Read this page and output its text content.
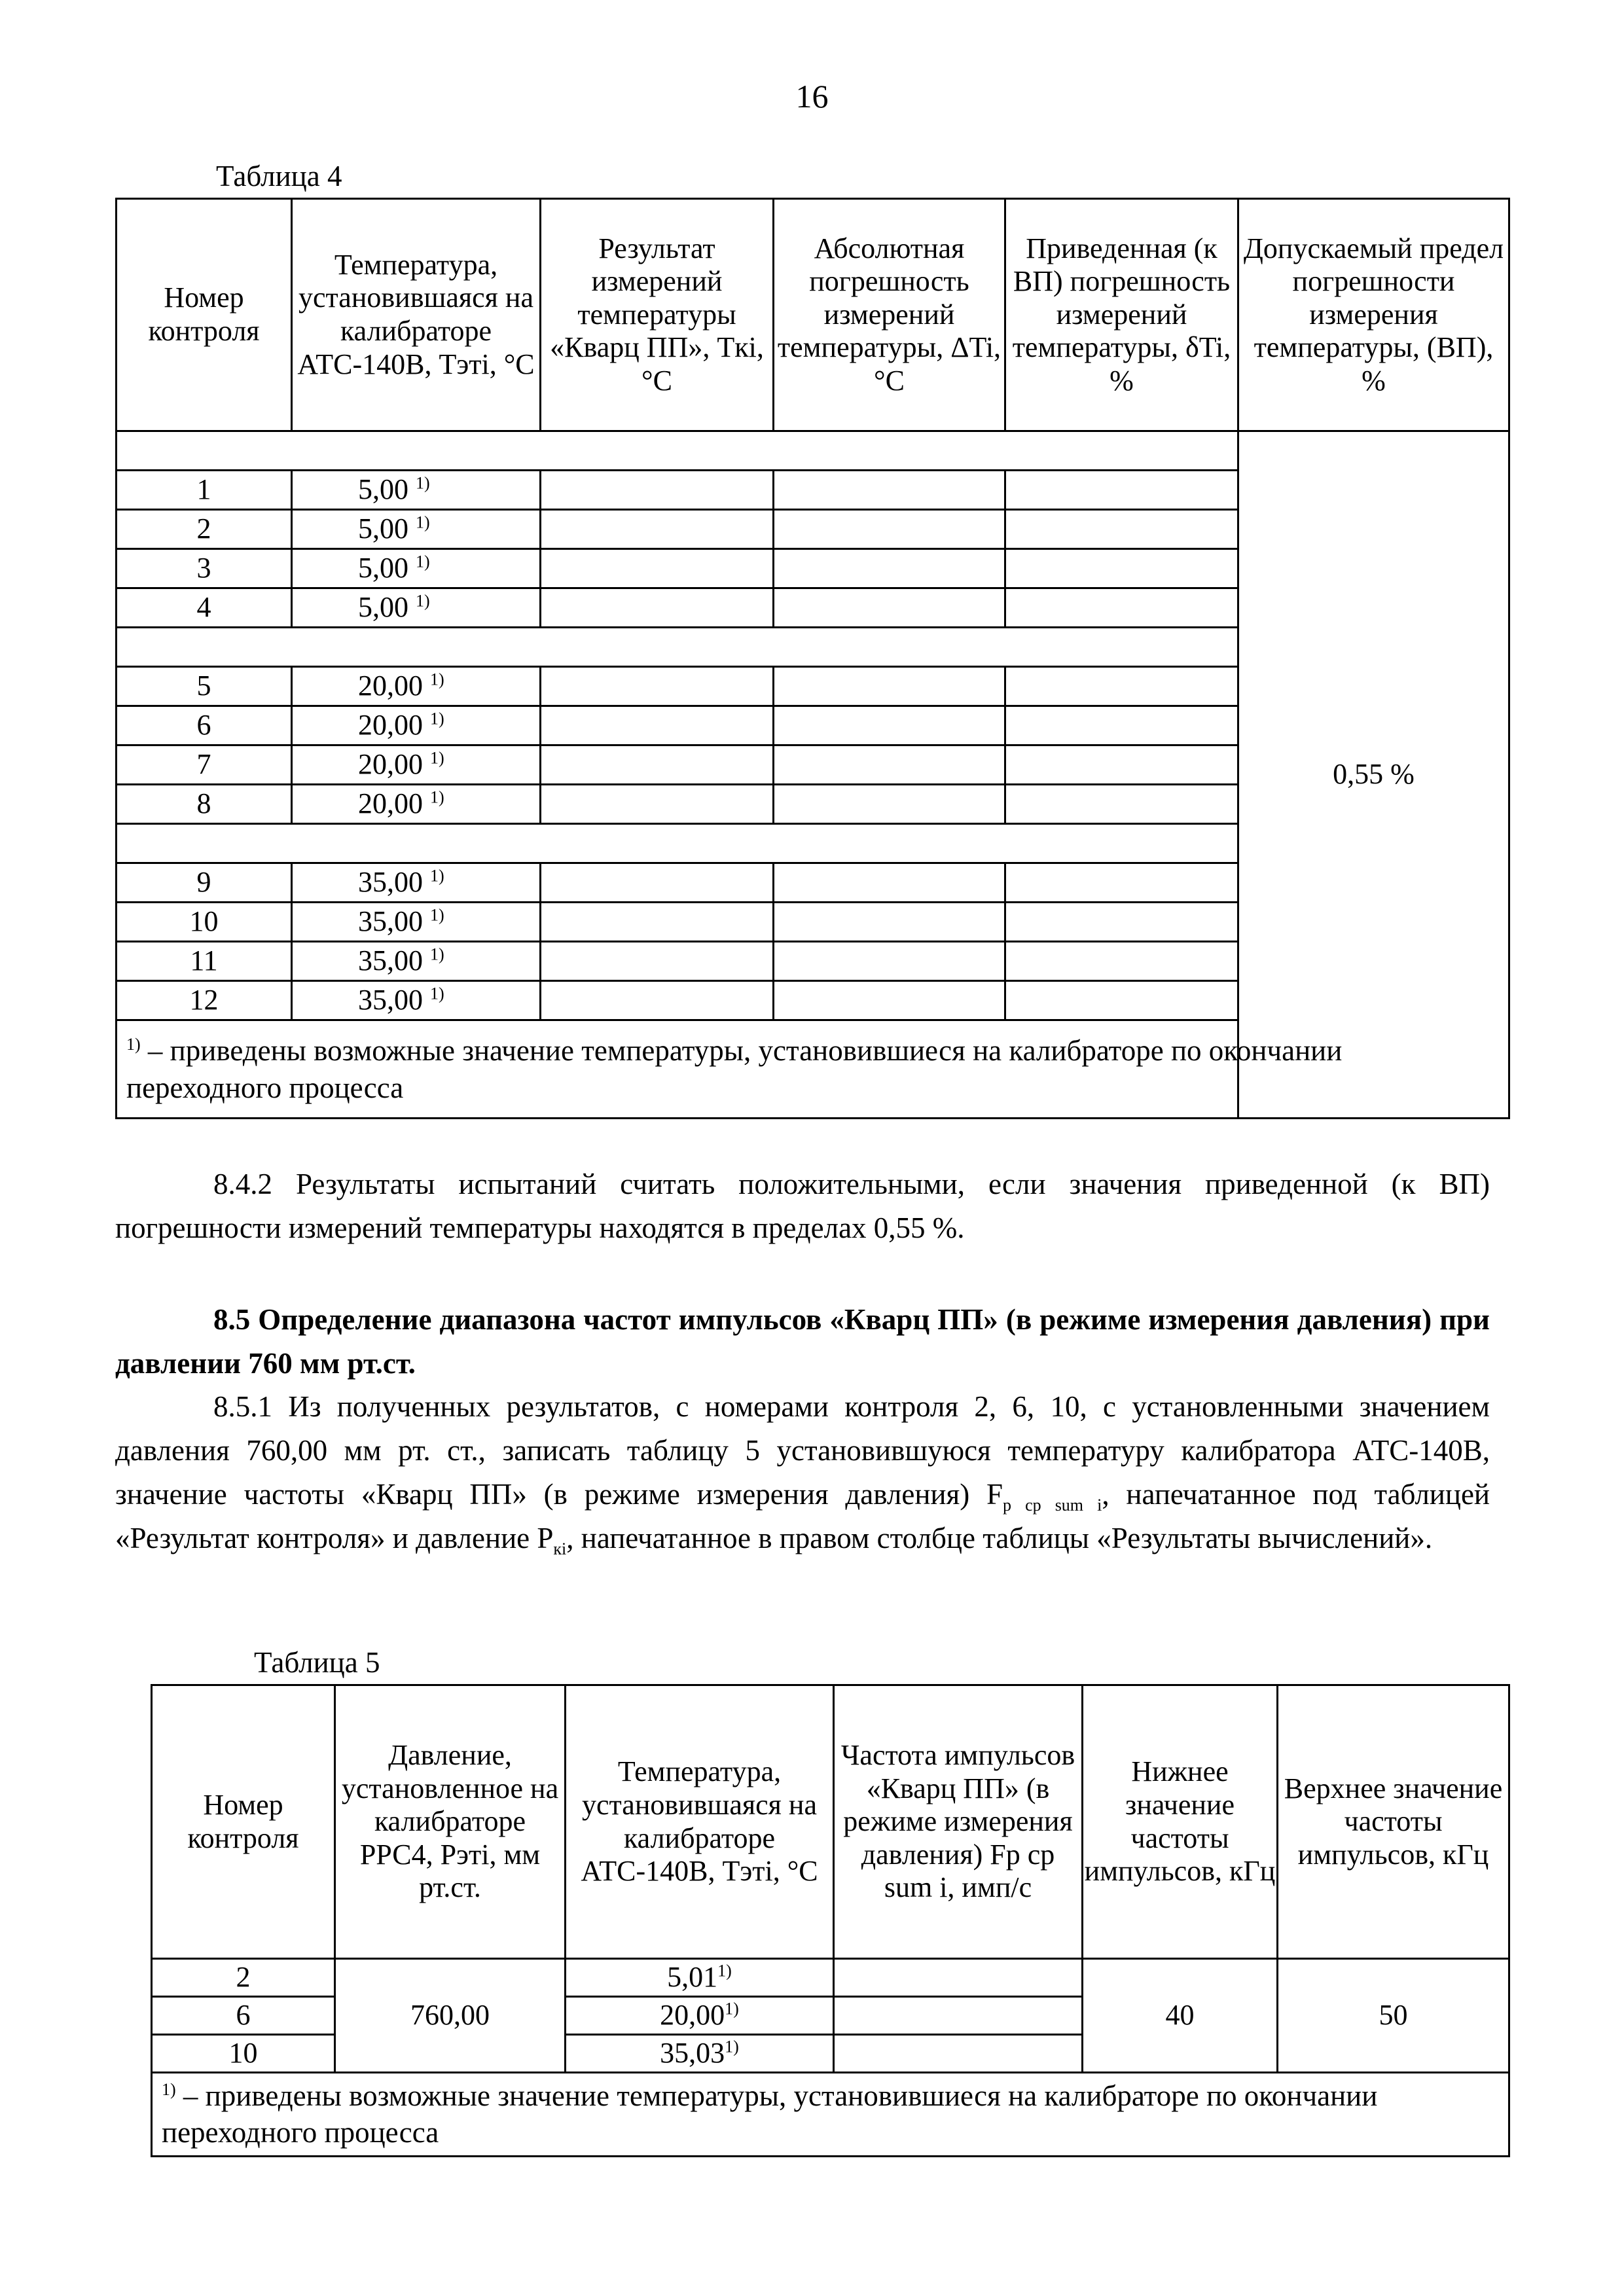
16
Таблица 4
Номер контроля	Температура, установившаяся на калибраторе АТС-140В, Tэтi, °С	Результат измерений температуры «Кварц ПП», Tкi, °С	Абсолютная погрешность измерений температуры, ΔTi, °С	Приведенная (к ВП) погрешность измерений температуры, δTi, %	Допускаемый предел погрешности измерения температуры, (ВП), %
					0,55 %
1	5,00 $^{1)}$			
2	5,00 $^{1)}$			
3	5,00 $^{1)}$			
4	5,00 $^{1)}$			

5	20,00 $^{1)}$			
6	20,00 $^{1)}$			
7	20,00 $^{1)}$			
8	20,00 $^{1)}$			

9	35,00 $^{1)}$			
10	35,00 $^{1)}$			
11	35,00 $^{1)}$			
12	35,00 $^{1)}$			
$^{1)}$ – приведены возможные значение температуры, установившиеся на калибраторе по окончании переходного процесса					
8.4.2 Результаты испытаний считать положительными, если значения приведенной (к ВП) погрешности измерений температуры находятся в пределах 0,55 %.
8.5 Определение диапазона частот импульсов «Кварц ПП» (в режиме измерения давления) при давлении 760 мм рт.ст.
8.5.1 Из полученных результатов, с номерами контроля 2, 6, 10, с установленными значением давления 760,00 мм рт. ст., записать таблицу 5 установившуюся температуру калибратора АТС-140В, значение частоты «Кварц ПП» (в режиме измерения давления) $F_{p ср sum i}$, напечатанное под таблицей «Результат контроля» и давление $P_{кi}$, напечатанное в правом столбце таблицы «Результаты вычислений».
Таблица 5
Номер контроля	Давление, установленное на калибраторе РРС4, Pэтi, мм рт.ст.	Температура, установившаяся на калибраторе АТС-140В, Tэтi, °С	Частота импульсов «Кварц ПП» (в режиме измерения давления) Fp ср sum i, имп/с	Нижнее значение частоты импульсов, кГц	Верхнее значение частоты импульсов, кГц
2	760,00	5,01$^{1)}$		40	50
6		20,00$^{1)}$	
10		35,03$^{1)}$	
$^{1)}$ – приведены возможные значение температуры, установившиеся на калибраторе по окончании переходного процесса					
